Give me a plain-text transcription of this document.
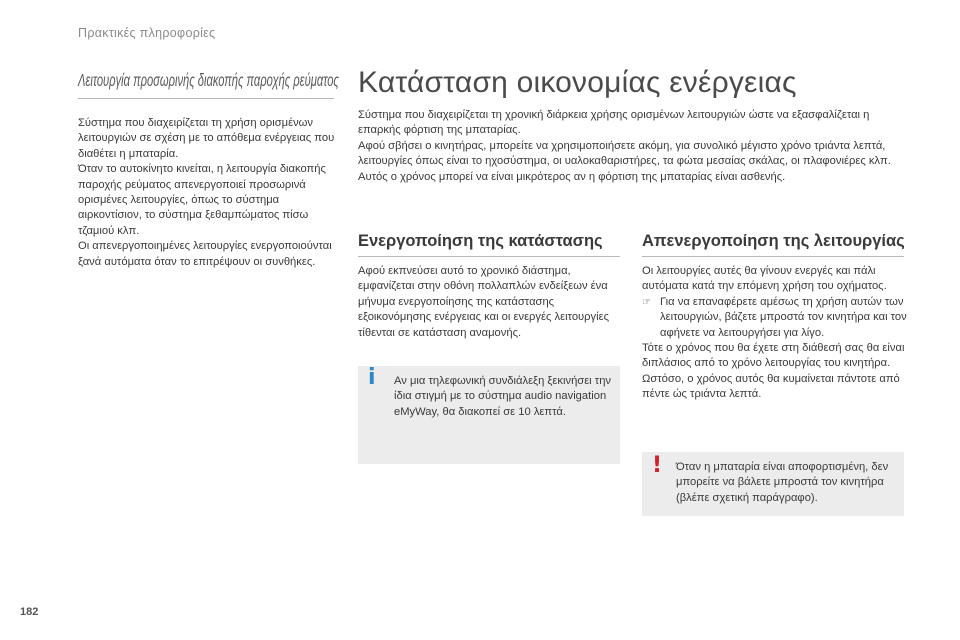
Πρακτικές πληροφορίες
Λειτουργία προσωρινής διακοπής παροχής ρεύματος

Σύστημα που διαχειρίζεται τη χρήση ορισμένων λειτουργιών σε σχέση με το απόθεμα ενέργειας που διαθέτει η μπαταρία.

Όταν το αυτοκίνητο κινείται, η λειτουργία διακοπής παροχής ρεύματος απενεργοποιεί προσωρινά ορισμένες λειτουργίες, όπως το σύστημα αιρκοντίσιον, το σύστημα ξεθαμπώματος πίσω τζαμιού κλπ.

Οι απενεργοποιημένες λειτουργίες ενεργοποιούνται ξανά αυτόματα όταν το επιτρέψουν οι συνθήκες.

Κατάσταση οικονομίας ενέργειας

Σύστημα που διαχειρίζεται τη χρονική διάρκεια χρήσης ορισμένων λειτουργιών ώστε να εξασφαλίζεται η επαρκής φόρτιση της μπαταρίας.

Αφού σβήσει ο κινητήρας, μπορείτε να χρησιμοποιήσετε ακόμη, για συνολικό μέγιστο χρόνο τριάντα λεπτά, λειτουργίες όπως είναι το ηχοσύστημα, οι υαλοκαθαριστήρες, τα φώτα μεσαίας σκάλας, οι πλαφονιέρες κλπ.

Αυτός ο χρόνος μπορεί να είναι μικρότερος αν η φόρτιση της μπαταρίας είναι ασθενής.

Ενεργοποίηση της κατάστασης

Αφού εκπνεύσει αυτό το χρονικό διάστημα, εμφανίζεται στην οθόνη πολλαπλών ενδείξεων ένα μήνυμα ενεργοποίησης της κατάστασης εξοικονόμησης ενέργειας και οι ενεργές λειτουργίες τίθενται σε κατάσταση αναμονής.

i Αν μια τηλεφωνική συνδιάλεξη ξεκινήσει την ίδια στιγμή με το σύστημα audio navigation eMyWay, θα διακοπεί σε 10 λεπτά.
Απενεργοποίηση της λειτουργίας

Οι λειτουργίες αυτές θα γίνουν ενεργές και πάλι αυτόματα κατά την επόμενη χρήση του οχήματος.

☞ Για να επαναφέρετε αμέσως τη χρήση αυτών των λειτουργιών, βάζετε μπροστά τον κινητήρα και τον αφήνετε να λειτουργήσει για λίγο.

Τότε ο χρόνος που θα έχετε στη διάθεσή σας θα είναι διπλάσιος από το χρόνο λειτουργίας του κινητήρα. Ωστόσο, ο χρόνος αυτός θα κυμαίνεται πάντοτε από πέντε ώς τριάντα λεπτά.

! Όταν η μπαταρία είναι αποφορτισμένη, δεν μπορείτε να βάλετε μπροστά τον κινητήρα (βλέπε σχετική παράγραφο).
182
